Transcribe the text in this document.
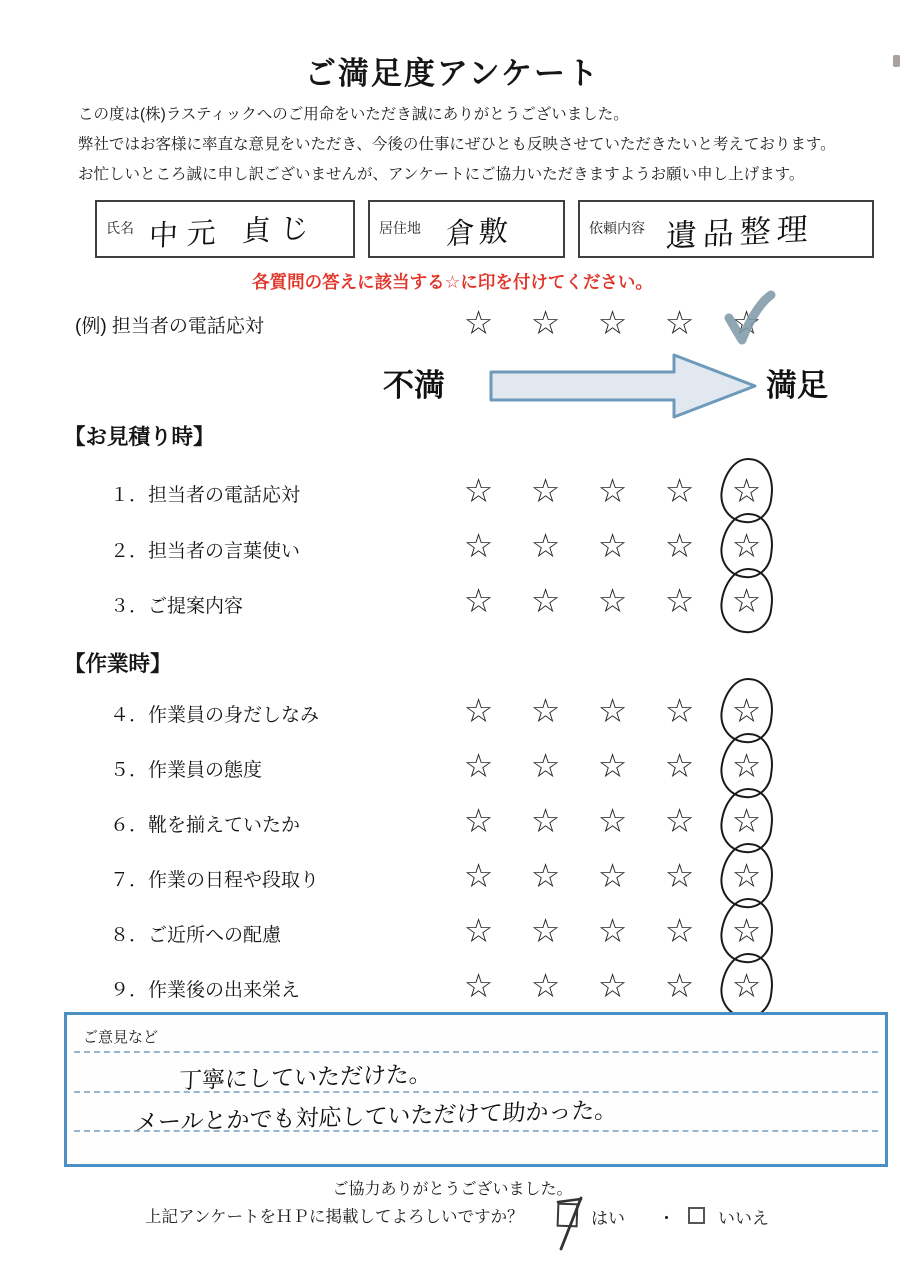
ご満足度アンケート
この度は(株)ラスティックへのご用命をいただき誠にありがとうございました。
弊社ではお客様に率直な意見をいただき、今後の仕事にぜひとも反映させていただきたいと考えております。
お忙しいところ誠に申し訳ございませんが、アンケートにご協力いただきますようお願い申し上げます。
氏名 中元 貞じ	居住地 倉敷	依頼内容 遺品整理
各質問の答えに該当する☆に印を付けてください。
(例) 担当者の電話応対	☆	☆	☆	☆	☆
不満	満足
【お見積り時】
１．担当者の電話応対	☆	☆	☆	☆	☆
２．担当者の言葉使い	☆	☆	☆	☆	☆
３．ご提案内容	☆	☆	☆	☆	☆
【作業時】
４．作業員の身だしなみ	☆	☆	☆	☆	☆
５．作業員の態度	☆	☆	☆	☆	☆
６．靴を揃えていたか	☆	☆	☆	☆	☆
７．作業の日程や段取り	☆	☆	☆	☆	☆
８．ご近所への配慮	☆	☆	☆	☆	☆
９．作業後の出来栄え	☆	☆	☆	☆	☆
ご意見など
丁寧にしていただけた。
メールとかでも対応していただけて助かった。
ご協力ありがとうございました。
上記アンケートをＨＰに掲載してよろしいですか？	はい ・	いいえ
